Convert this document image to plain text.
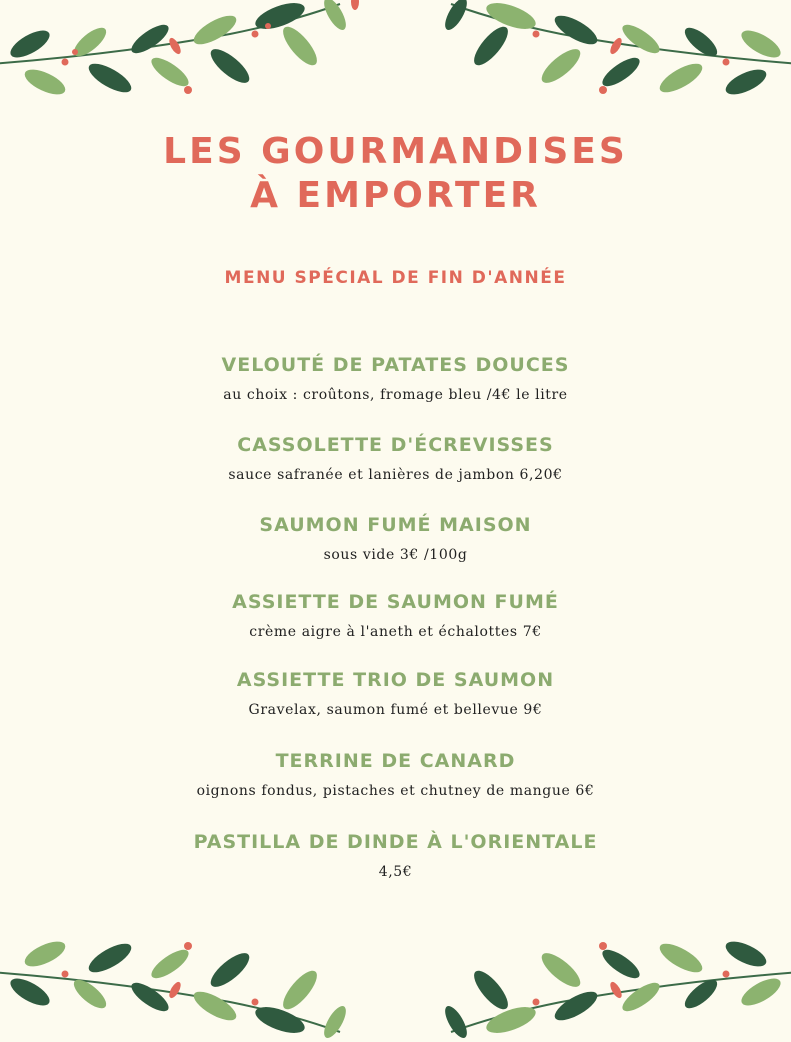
LES GOURMANDISES
À EMPORTER
MENU SPÉCIAL DE FIN D'ANNÉE
VELOUTÉ DE PATATES DOUCES
au choix : croûtons, fromage bleu /4€ le litre
CASSOLETTE D'ÉCREVISSES
sauce safranée et lanières de jambon 6,20€
SAUMON FUMÉ MAISON
sous vide 3€ /100g
ASSIETTE DE SAUMON FUMÉ
crème aigre à l'aneth et échalottes 7€
ASSIETTE TRIO DE SAUMON
Gravelax, saumon fumé et bellevue 9€
TERRINE DE CANARD
oignons fondus, pistaches et chutney de mangue 6€
PASTILLA DE DINDE À L'ORIENTALE
4,5€
